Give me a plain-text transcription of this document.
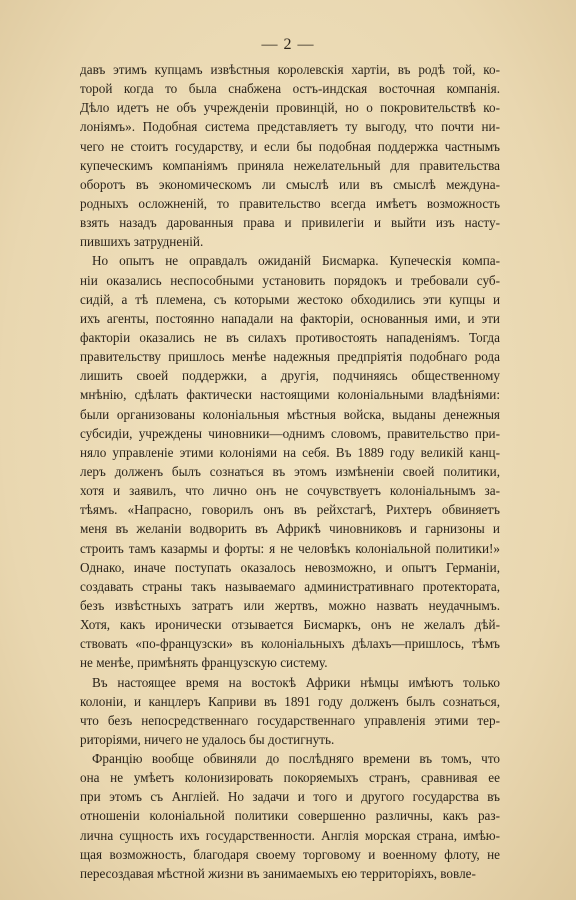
— 2 —
давъ этимъ купцамъ извѣстныя королевскія хартіи, въ родѣ той, ко-
торой когда то была снабжена остъ-индская восточная компанія.
Дѣло идетъ не объ учрежденіи провинцій, но о покровительствѣ ко-
лоніямъ». Подобная система представляетъ ту выгоду, что почти ни-
чего не стоитъ государству, и если бы подобная поддержка частнымъ
купеческимъ компаніямъ приняла нежелательный для правительства
оборотъ въ экономическомъ ли смыслѣ или въ смыслѣ междуна-
родныхъ осложненій, то правительство всегда имѣетъ возможность
взять назадъ дарованныя права и привилегіи и выйти изъ насту-
пившихъ затрудненій.
Но опытъ не оправдалъ ожиданій Бисмарка. Купеческія компа-
ніи оказались неспособными установить порядокъ и требовали суб-
сидій, а тѣ племена, съ которыми жестоко обходились эти купцы и
ихъ агенты, постоянно нападали на факторіи, основанныя ими, и эти
факторіи оказались не въ силахъ противостоять нападеніямъ. Тогда
правительству пришлось менѣе надежныя предпріятія подобнаго рода
лишить своей поддержки, а другія, подчиняясь общественному
мнѣнію, сдѣлать фактически настоящими колоніальными владѣніями:
были организованы колоніальныя мѣстныя войска, выданы денежныя
субсидіи, учреждены чиновники—однимъ словомъ, правительство при-
няло управленіе этими колоніями на себя. Въ 1889 году великій канц-
леръ долженъ былъ сознаться въ этомъ измѣненіи своей политики,
хотя и заявилъ, что лично онъ не сочувствуетъ колоніальнымъ за-
тѣямъ. «Напрасно, говорилъ онъ въ рейхстагѣ, Рихтеръ обвиняетъ
меня въ желаніи водворить въ Африкѣ чиновниковъ и гарнизоны и
строить тамъ казармы и форты: я не человѣкъ колоніальной политики!»
Однако, иначе поступать оказалось невозможно, и опытъ Германіи,
создавать страны такъ называемаго административнаго протектората,
безъ извѣстныхъ затратъ или жертвъ, можно назвать неудачнымъ.
Хотя, какъ иронически отзывается Бисмаркъ, онъ не желалъ дѣй-
ствовать «по-французски» въ колоніальныхъ дѣлахъ—пришлось, тѣмъ
не менѣе, примѣнять французскую систему.
Въ настоящее время на востокѣ Африки нѣмцы имѣютъ только
колоніи, и канцлеръ Каприви въ 1891 году долженъ былъ сознаться,
что безъ непосредственнаго государственнаго управленія этими тер-
риторіями, ничего не удалось бы достигнуть.
Францію вообще обвиняли до послѣдняго времени въ томъ, что
она не умѣетъ колонизировать покоряемыхъ странъ, сравнивая ее
при этомъ съ Англіей. Но задачи и того и другого государства въ
отношеніи колоніальной политики совершенно различны, какъ раз-
лична сущность ихъ государственности. Англія морская страна, имѣю-
щая возможность, благодаря своему торговому и военному флоту, не
пересоздавая мѣстной жизни въ занимаемыхъ ею территоріяхъ, вовле-
